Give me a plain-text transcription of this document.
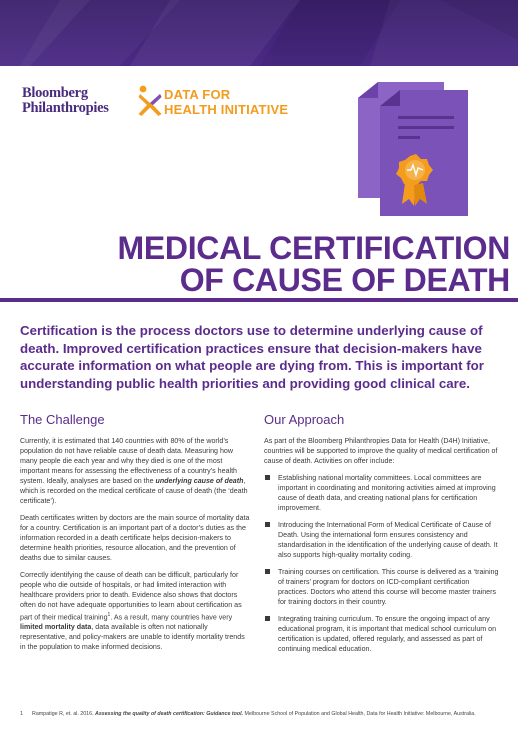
Bloomberg
Philanthropies
DATA FOR
HEALTH INITIATIVE
MEDICAL CERTIFICATION
OF CAUSE OF DEATH
Certification is the process doctors use to determine underlying cause of death. Improved certification practices ensure that decision-makers have accurate information on what people are dying from. This is important for understanding public health priorities and providing good clinical care.
The Challenge

Currently, it is estimated that 140 countries with 80% of the world’s population do not have reliable cause of death data. Measuring how many people die each year and why they died is one of the most important means for assessing the effectiveness of a country’s health system. Ideally, analyses are based on the underlying cause of death, which is recorded on the medical certificate of cause of death (the ‘death certificate’).

Death certificates written by doctors are the main source of mortality data for a country. Certification is an important part of a doctor’s duties as the information recorded in a death certificate helps decision-makers to determine health priorities, resource allocation, and the prevention of deaths due to similar causes.

Correctly identifying the cause of death can be difficult, particularly for people who die outside of hospitals, or had limited interaction with healthcare providers prior to death. Evidence also shows that doctors often do not have adequate opportunities to learn about certification as part of their medical training$^1$. As a result, many countries have very limited mortality data, data available is often not nationally representative, and policy-makers are unable to identify mortality trends in the population to make informed decisions.

Our Approach

As part of the Bloomberg Philanthropies Data for Health (D4H) Initiative, countries will be supported to improve the quality of medical certification of cause of death. Activities on offer include:

Establishing national mortality committees. Local committees are important in coordinating and monitoring activities aimed at improving cause of death data, and creating national plans for certification improvement.
Introducing the International Form of Medical Certificate of Cause of Death. Using the international form ensures consistency and standardisation in the identification of the underlying cause of death. It also supports high-quality mortality coding.
Training courses on certification. This course is delivered as a ‘training of trainers’ program for doctors on ICD-compliant certification practices. Doctors who attend this course will become master trainers for training doctors in their country.
Integrating training curriculum. To ensure the ongoing impact of any educational program, it is important that medical school curriculum on certification is updated, offered regularly, and assessed as part of continuing medical education.
1 Rampatige R, et. al. 2016. Assessing the quality of death certification: Guidance tool. Melbourne School of Population and Global Health, Data for Health Initiative: Melbourne, Australia.
